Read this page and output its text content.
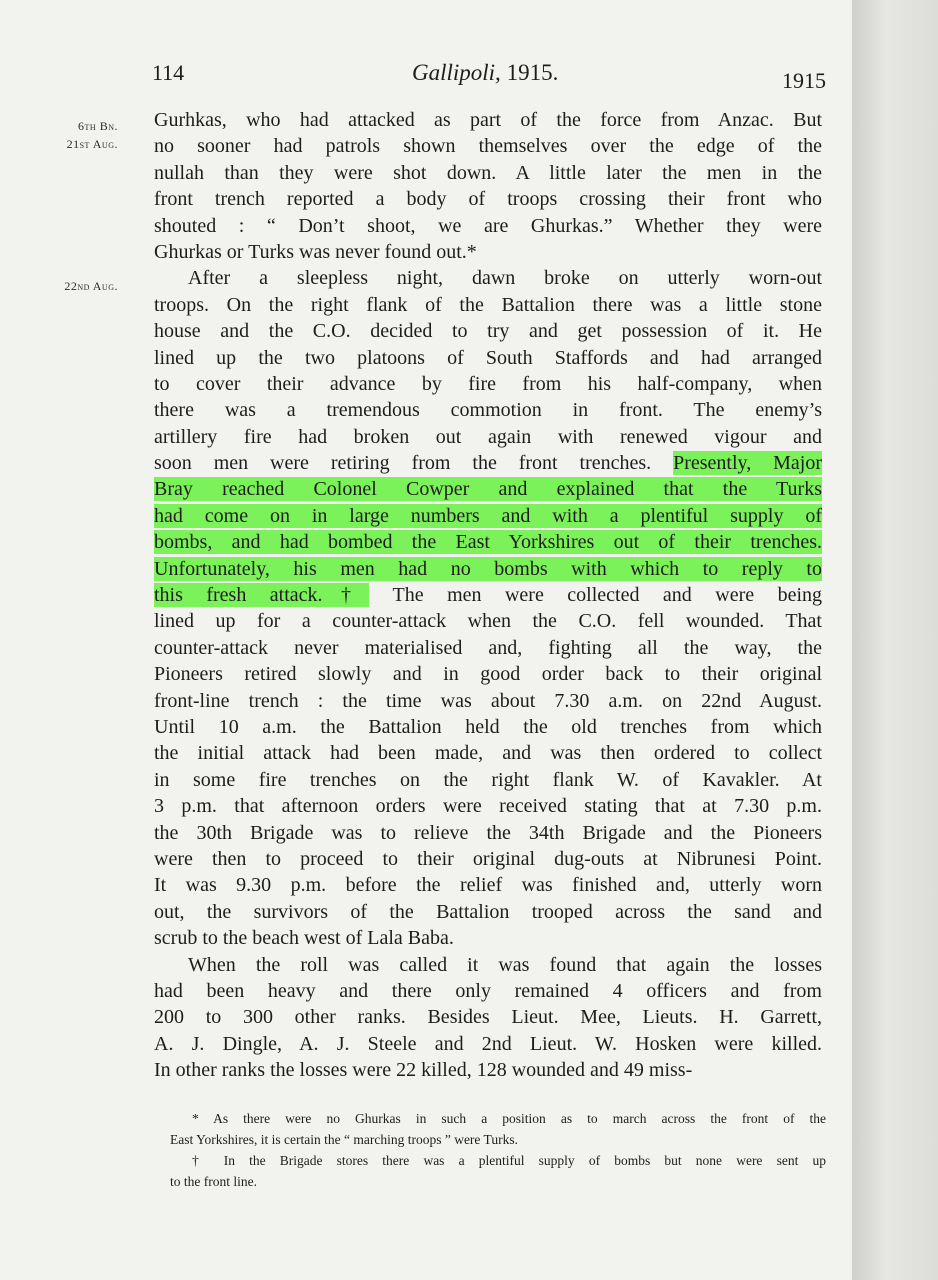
114	Gallipoli, 1915.	1915
6th Bn.
21st Aug.
22nd Aug.
Gurhkas, who had attacked as part of the force from Anzac. But
no sooner had patrols shown themselves over the edge of the
nullah than they were shot down. A little later the men in the
front trench reported a body of troops crossing their front who
shouted : “ Don’t shoot, we are Ghurkas.” Whether they were
Ghurkas or Turks was never found out.*
After a sleepless night, dawn broke on utterly worn-out
troops. On the right flank of the Battalion there was a little stone
house and the C.O. decided to try and get possession of it. He
lined up the two platoons of South Staffords and had arranged
to cover their advance by fire from his half-company, when
there was a tremendous commotion in front. The enemy’s
artillery fire had broken out again with renewed vigour and
soon men were retiring from the front trenches. Presently, Major
Bray reached Colonel Cowper and explained that the Turks
had come on in large numbers and with a plentiful supply of
bombs, and had bombed the East Yorkshires out of their trenches.
Unfortunately, his men had no bombs with which to reply to
this fresh attack.† The men were collected and were being
lined up for a counter-attack when the C.O. fell wounded. That
counter-attack never materialised and, fighting all the way, the
Pioneers retired slowly and in good order back to their original
front-line trench : the time was about 7.30 a.m. on 22nd August.
Until 10 a.m. the Battalion held the old trenches from which
the initial attack had been made, and was then ordered to collect
in some fire trenches on the right flank W. of Kavakler. At
3 p.m. that afternoon orders were received stating that at 7.30 p.m.
the 30th Brigade was to relieve the 34th Brigade and the Pioneers
were then to proceed to their original dug-outs at Nibrunesi Point.
It was 9.30 p.m. before the relief was finished and, utterly worn
out, the survivors of the Battalion trooped across the sand and
scrub to the beach west of Lala Baba.
When the roll was called it was found that again the losses
had been heavy and there only remained 4 officers and from
200 to 300 other ranks. Besides Lieut. Mee, Lieuts. H. Garrett,
A. J. Dingle, A. J. Steele and 2nd Lieut. W. Hosken were killed.
In other ranks the losses were 22 killed, 128 wounded and 49 miss-
* As there were no Ghurkas in such a position as to march across the front of the
East Yorkshires, it is certain the “ marching troops ” were Turks.
† In the Brigade stores there was a plentiful supply of bombs but none were sent up
to the front line.
